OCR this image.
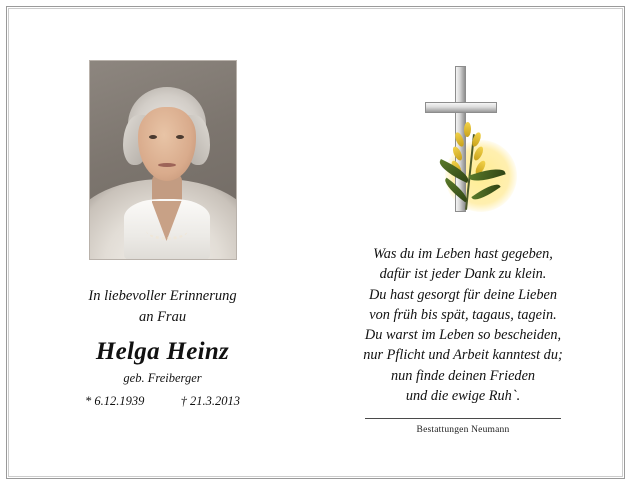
In liebevoller Erinnerung
an Frau
Helga Heinz
geb. Freiberger
* 6.12.1939	† 21.3.2013
Was du im Leben hast gegeben,
dafür ist jeder Dank zu klein.
Du hast gesorgt für deine Lieben
von früh bis spät, tagaus, tagein.
Du warst im Leben so bescheiden,
nur Pflicht und Arbeit kanntest du;
nun finde deinen Frieden
und die ewige Ruh`.
Bestattungen Neumann
